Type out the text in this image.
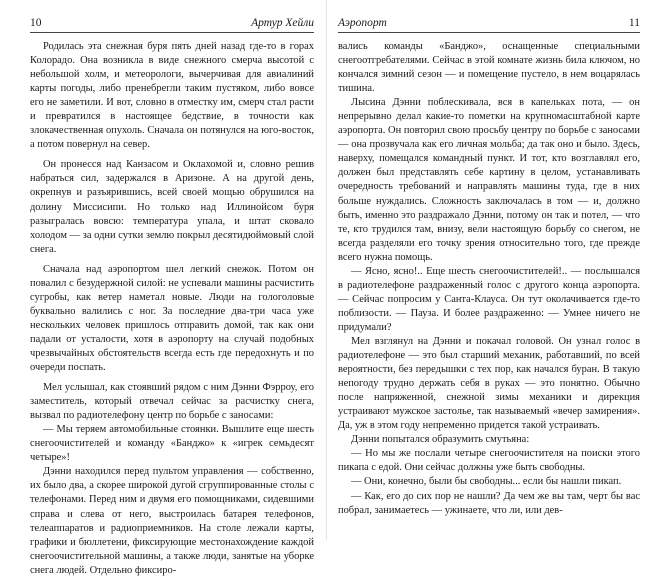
10	Артур Хейли

Родилась эта снежная буря пять дней назад где-то в горах Колорадо. Она возникла в виде снежного смерча высотой с небольшой холм, и метеорологи, вычерчивая для авиалиний карты погоды, либо пренебрегли таким пустяком, либо вовсе его не заметили. И вот, словно в отместку им, смерч стал расти и превратился в настоящее бедствие, в точности как злокачественная опухоль. Сначала он потянулся на юго-восток, а потом повернул на север.

Он пронесся над Канзасом и Оклахомой и, словно решив набраться сил, задержался в Аризоне. А на другой день, окрепнув и разъярившись, всей своей мощью обрушился на долину Миссисипи. Но только над Иллинойсом буря разыгралась вовсю: температура упала, и штат сковало холодом — за одни сутки землю покрыл десятидюймовый слой снега.

Сначала над аэропортом шел легкий снежок. Потом он повалил с безудержной силой: не успевали машины расчистить сугробы, как ветер наметал новые. Люди на гологоловые буквально валились с ног. За последние два-три часа уже нескольких человек пришлось отправить домой, так как они падали от усталости, хотя в аэропорту на случай подобных чрезвычайных обстоятельств всегда есть где передохнуть и по очереди поспать.

Мел услышал, как стоявший рядом с ним Дэнни Фэрроу, его заместитель, который отвечал сейчас за расчистку снега, вызвал по радиотелефону центр по борьбе с заносами:

— Мы теряем автомобильные стоянки. Вышлите еще шесть снегоочистителей и команду «Банджо» к «игрек семьдесят четыре»!

Дэнни находился перед пультом управления — собственно, их было два, а скорее широкой дугой сгруппированные столы с телефонами. Перед ним и двумя его помощниками, сидевшими справа и слева от него, выстроилась батарея телефонов, телеаппаратов и радиоприемников. На столе лежали карты, графики и бюллетени, фиксирующие местонахождение каждой снегоочистительной машины, а также люди, занятые на уборке снега людей. Отдельно фиксиро-

Аэропорт	11

вались команды «Банджо», оснащенные специальными снегоотгребателями. Сейчас в этой комнате жизнь била ключом, но кончался зимний сезон — и помещение пустело, в нем воцарялась тишина.

Лысина Дэнни поблескивала, вся в капельках пота, — он непрерывно делал какие-то пометки на крупномасштабной карте аэропорта. Он повторил свою просьбу центру по борьбе с заносами — она прозвучала как его личная мольба; да так оно и было. Здесь, наверху, помещался командный пункт. И тот, кто возглавлял его, должен был представлять себе картину в целом, устанавливать очередность требований и направлять машины туда, где в них больше нуждались. Сложность заключалась в том — и, должно быть, именно это раздражало Дэнни, потому он так и потел, — что те, кто трудился там, внизу, вели настоящую борьбу со снегом, не всегда разделяли его точку зрения относительно того, где прежде всего нужна помощь.

— Ясно, ясно!.. Еще шесть снегоочистителей!.. — послышался в радиотелефоне раздраженный голос с другого конца аэропорта. — Сейчас попросим у Санта-Клауса. Он тут околачивается где-то поблизости. — Пауза. И более раздраженно: — Умнее ничего не придумали?

Мел взглянул на Дэнни и покачал головой. Он узнал голос в радиотелефоне — это был старший механик, работавший, по всей вероятности, без передышки с тех пор, как начался буран. В такую непогоду трудно держать себя в руках — это понятно. Обычно после напряженной, снежной зимы механики и дирекция устраивают мужское застолье, так называемый «вечер замирения». Да, уж в этом году непременно придется такой устраивать.

Дэнни попытался образумить смутьяна:

— Но мы же послали четыре снегоочистителя на поиски этого пикапа с едой. Они сейчас должны уже быть свободны.

— Они, конечно, были бы свободны... если бы нашли пикап.

— Как, его до сих пор не нашли? Да чем же вы там, черт бы вас побрал, занимаетесь — ужинаете, что ли, или дев-
